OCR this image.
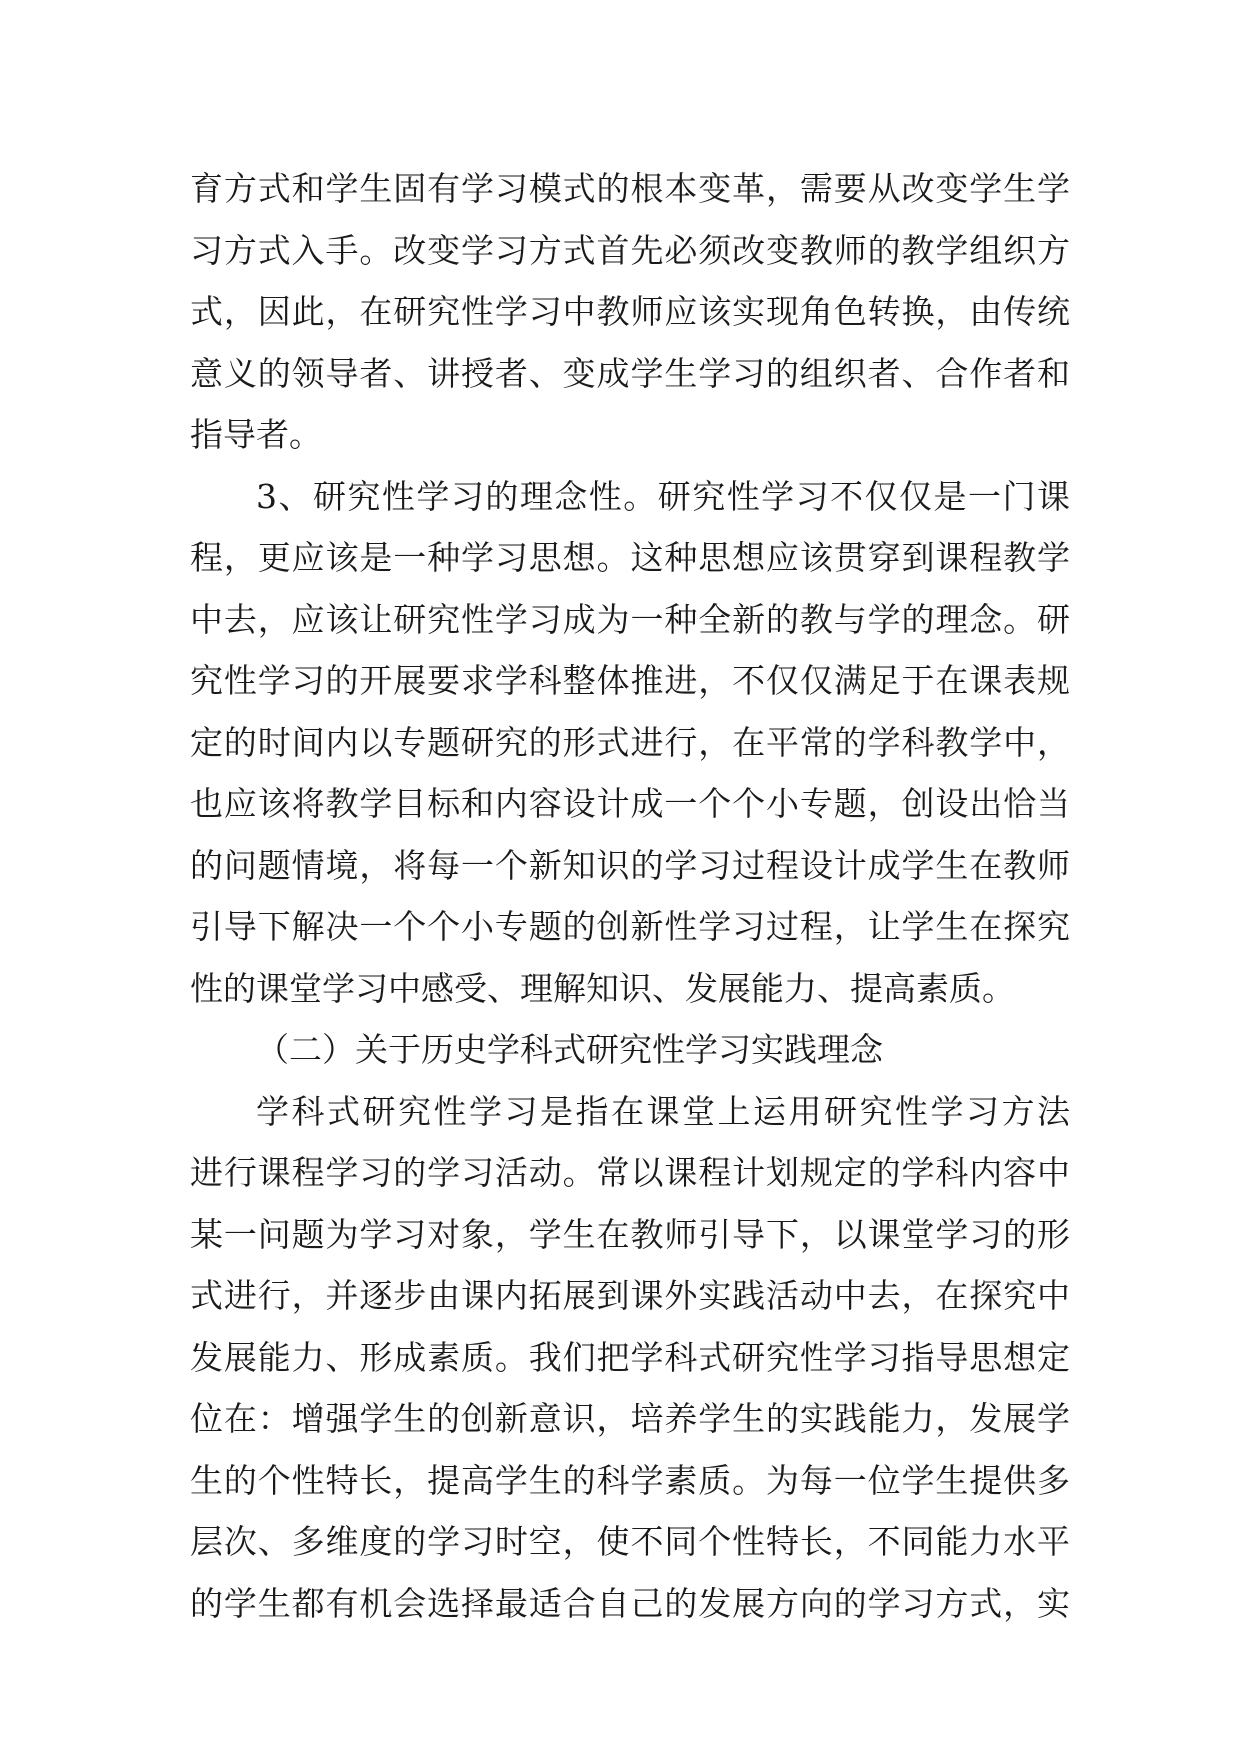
育方式和学生固有学习模式的根本变革，需要从改变学生学
习方式入手。改变学习方式首先必须改变教师的教学组织方
式，因此，在研究性学习中教师应该实现角色转换，由传统
意义的领导者、讲授者、变成学生学习的组织者、合作者和
指导者。
3、研究性学习的理念性。研究性学习不仅仅是一门课
程，更应该是一种学习思想。这种思想应该贯穿到课程教学
中去，应该让研究性学习成为一种全新的教与学的理念。研
究性学习的开展要求学科整体推进，不仅仅满足于在课表规
定的时间内以专题研究的形式进行，在平常的学科教学中，
也应该将教学目标和内容设计成一个个小专题，创设出恰当
的问题情境，将每一个新知识的学习过程设计成学生在教师
引导下解决一个个小专题的创新性学习过程，让学生在探究
性的课堂学习中感受、理解知识、发展能力、提高素质。
（二）关于历史学科式研究性学习实践理念
学科式研究性学习是指在课堂上运用研究性学习方法
进行课程学习的学习活动。常以课程计划规定的学科内容中
某一问题为学习对象，学生在教师引导下，以课堂学习的形
式进行，并逐步由课内拓展到课外实践活动中去，在探究中
发展能力、形成素质。我们把学科式研究性学习指导思想定
位在：增强学生的创新意识，培养学生的实践能力，发展学
生的个性特长，提高学生的科学素质。为每一位学生提供多
层次、多维度的学习时空，使不同个性特长，不同能力水平
的学生都有机会选择最适合自己的发展方向的学习方式，实
